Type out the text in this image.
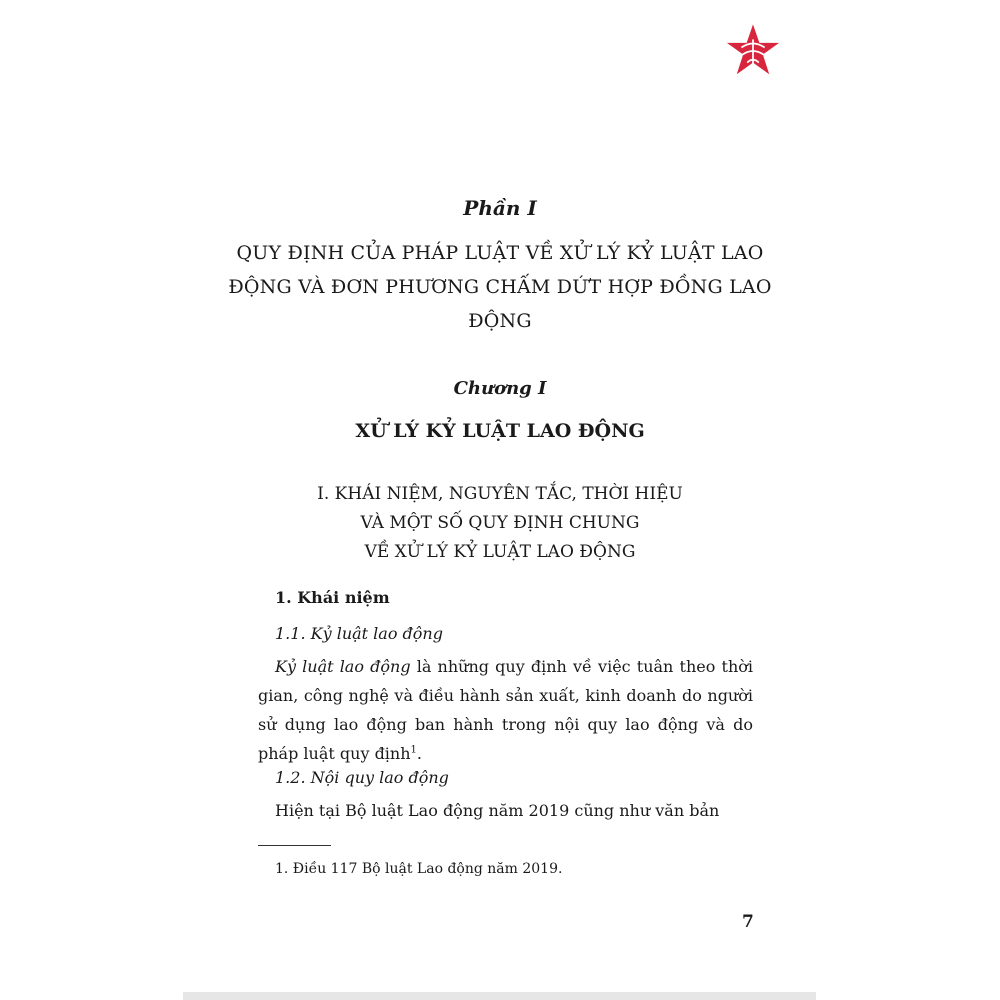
Phần I
QUY ĐỊNH CỦA PHÁP LUẬT VỀ XỬ LÝ KỶ LUẬT LAO
ĐỘNG VÀ ĐƠN PHƯƠNG CHẤM DỨT HỢP ĐỒNG LAO
ĐỘNG
Chương I
XỬ LÝ KỶ LUẬT LAO ĐỘNG
I. KHÁI NIỆM, NGUYÊN TẮC, THỜI HIỆU
VÀ MỘT SỐ QUY ĐỊNH CHUNG
VỀ XỬ LÝ KỶ LUẬT LAO ĐỘNG
1. Khái niệm
1.1. Kỷ luật lao động
Kỷ luật lao động là những quy định về việc tuân theo thời gian, công nghệ và điều hành sản xuất, kinh doanh do người sử dụng lao động ban hành trong nội quy lao động và do pháp luật quy định$^1$.
1.2. Nội quy lao động
Hiện tại Bộ luật Lao động năm 2019 cũng như văn bản
1. Điều 117 Bộ luật Lao động năm 2019.
7
